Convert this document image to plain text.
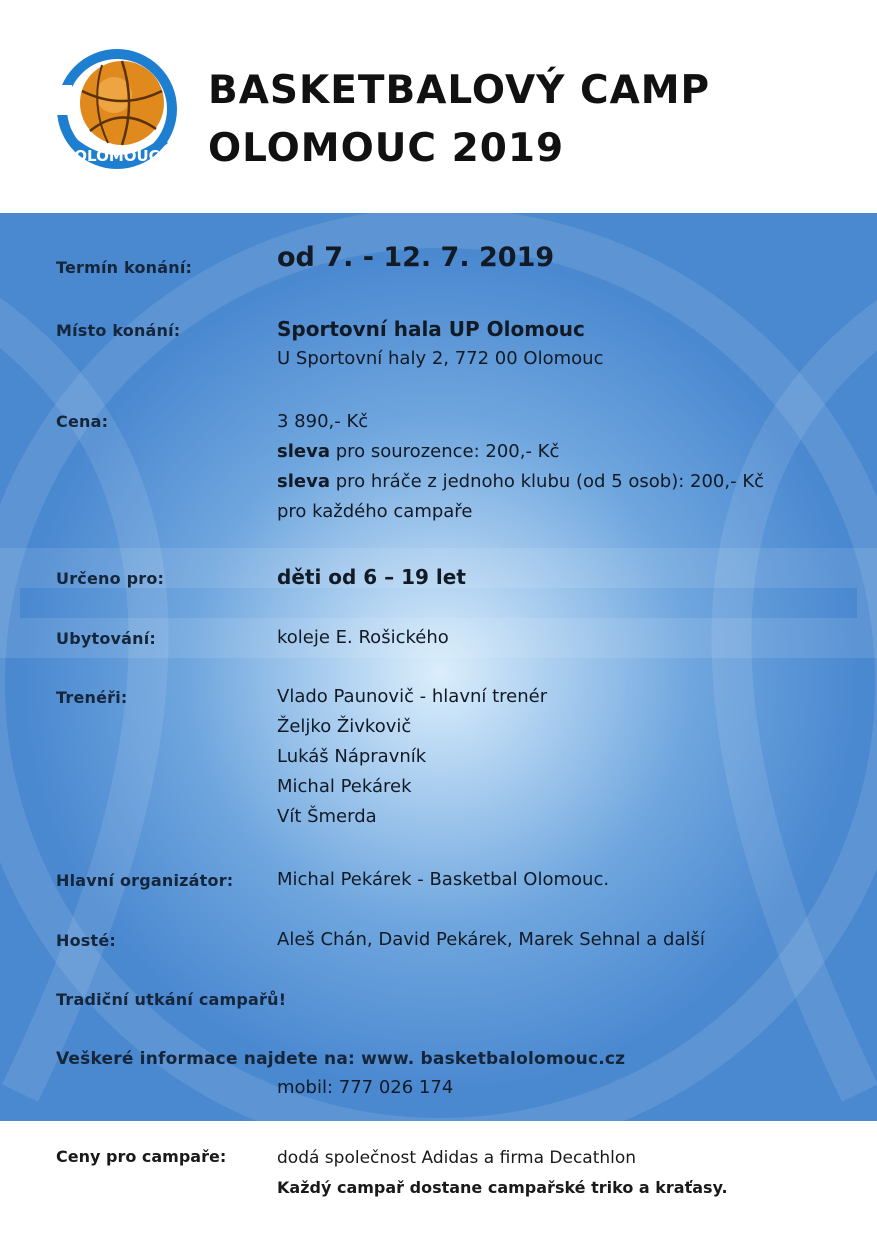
OLOMOUC
BASKETBALOVÝ CAMP
OLOMOUC 2019
Termín konání:	od 7. - 12. 7. 2019
Místo konání:	Sportovní hala UP Olomouc
U Sportovní haly 2, 772 00 Olomouc
Cena:	3 890,- Kč
sleva pro sourozence: 200,- Kč
sleva pro hráče z jednoho klubu (od 5 osob): 200,- Kč
pro každého campaře
Určeno pro:	děti od 6 – 19 let
Ubytování:	koleje E. Rošického
Trenéři:	Vlado Paunovič - hlavní trenér
Željko Živkovič
Lukáš Nápravník
Michal Pekárek
Vít Šmerda
Hlavní organizátor: Michal Pekárek - Basketbal Olomouc.
Hosté:	Aleš Chán, David Pekárek, Marek Sehnal a další
Tradiční utkání campařů!
Veškeré informace najdete na: www. basketbalolomouc.cz
mobil: 777 026 174
Ceny pro campaře:	dodá společnost Adidas a firma Decathlon
Každý campař dostane campařské triko a kraťasy.
